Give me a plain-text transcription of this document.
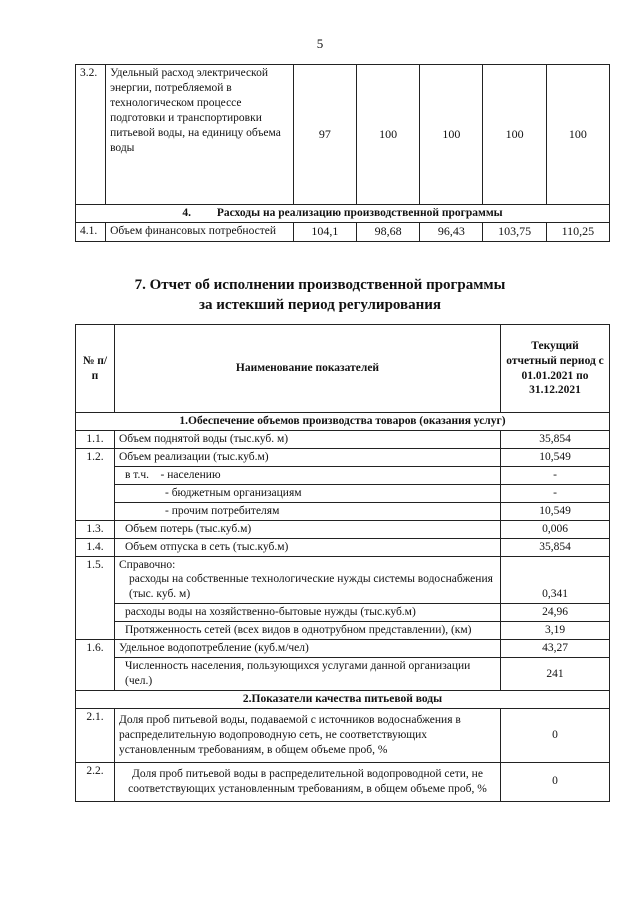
5
3.2.	Удельный расход электрической энергии, потребляемой в технологическом процессе подготовки и транспортировки питьевой воды, на единицу объема воды	97	100	100	100	100
4. Расходы на реализацию производственной программы						
4.1.	Объем финансовых потребностей	104,1	98,68	96,43	103,75	110,25
7. Отчет об исполнении производственной программы
за истекший период регулирования
№ п/п	Наименование показателей	Текущий отчетный период с 01.01.2021 по 31.12.2021
1.Обеспечение объемов производства товаров (оказания услуг)		
1.1.	Объем поднятой воды (тыс.куб. м)	35,854
1.2.	Объем реализации (тыс.куб.м)	10,549
	в т.ч. - населению	-
	- бюджетным организациям	-
	- прочим потребителям	10,549
1.3.	Объем потерь (тыс.куб.м)	0,006
1.4.	Объем отпуска в сеть (тыс.куб.м)	35,854
1.5.	Справочно:
расходы на собственные технологические нужды системы водоснабжения (тыс. куб. м)	0,341
	расходы воды на хозяйственно-бытовые нужды (тыс.куб.м)	24,96
	Протяженность сетей (всех видов в однотрубном представлении), (км)	3,19
1.6.	Удельное водопотребление (куб.м/чел)	43,27
	Численность населения, пользующихся услугами данной организации (чел.)	241
2.Показатели качества питьевой воды		
2.1.	Доля проб питьевой воды, подаваемой с источников водоснабжения в распределительную водопроводную сеть, не соответствующих установленным требованиям, в общем объеме проб, %	0
2.2.	Доля проб питьевой воды в распределительной водопроводной сети, не соответствующих установленным требованиям, в общем объеме проб, %	0
